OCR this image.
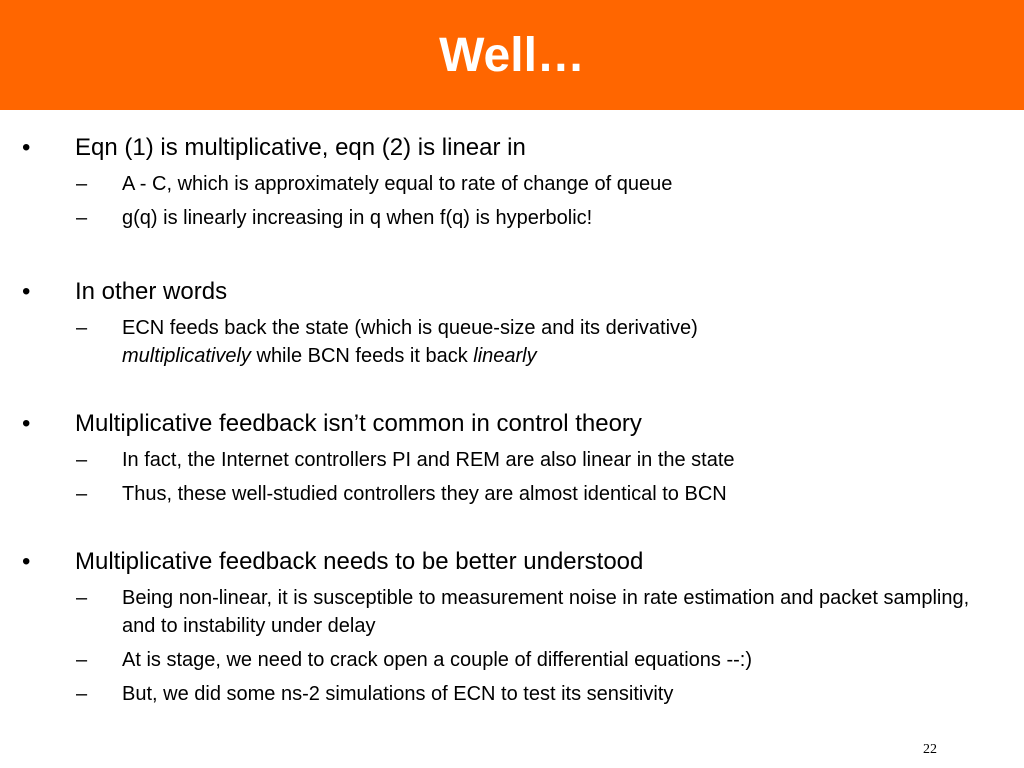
Well…
• Eqn (1) is multiplicative, eqn (2) is linear in
– A - C, which is approximately equal to rate of change of queue
– g(q) is linearly increasing in q when f(q) is hyperbolic!
• In other words
– ECN feeds back the state (which is queue-size and its derivative)
multiplicatively while BCN feeds it back linearly
• Multiplicative feedback isn’t common in control theory
– In fact, the Internet controllers PI and REM are also linear in the state
– Thus, these well-studied controllers they are almost identical to BCN
• Multiplicative feedback needs to be better understood
– Being non-linear, it is susceptible to measurement noise in rate estimation and packet sampling, and to instability under delay
– At is stage, we need to crack open a couple of differential equations --:)
– But, we did some ns-2 simulations of ECN to test its sensitivity
22
